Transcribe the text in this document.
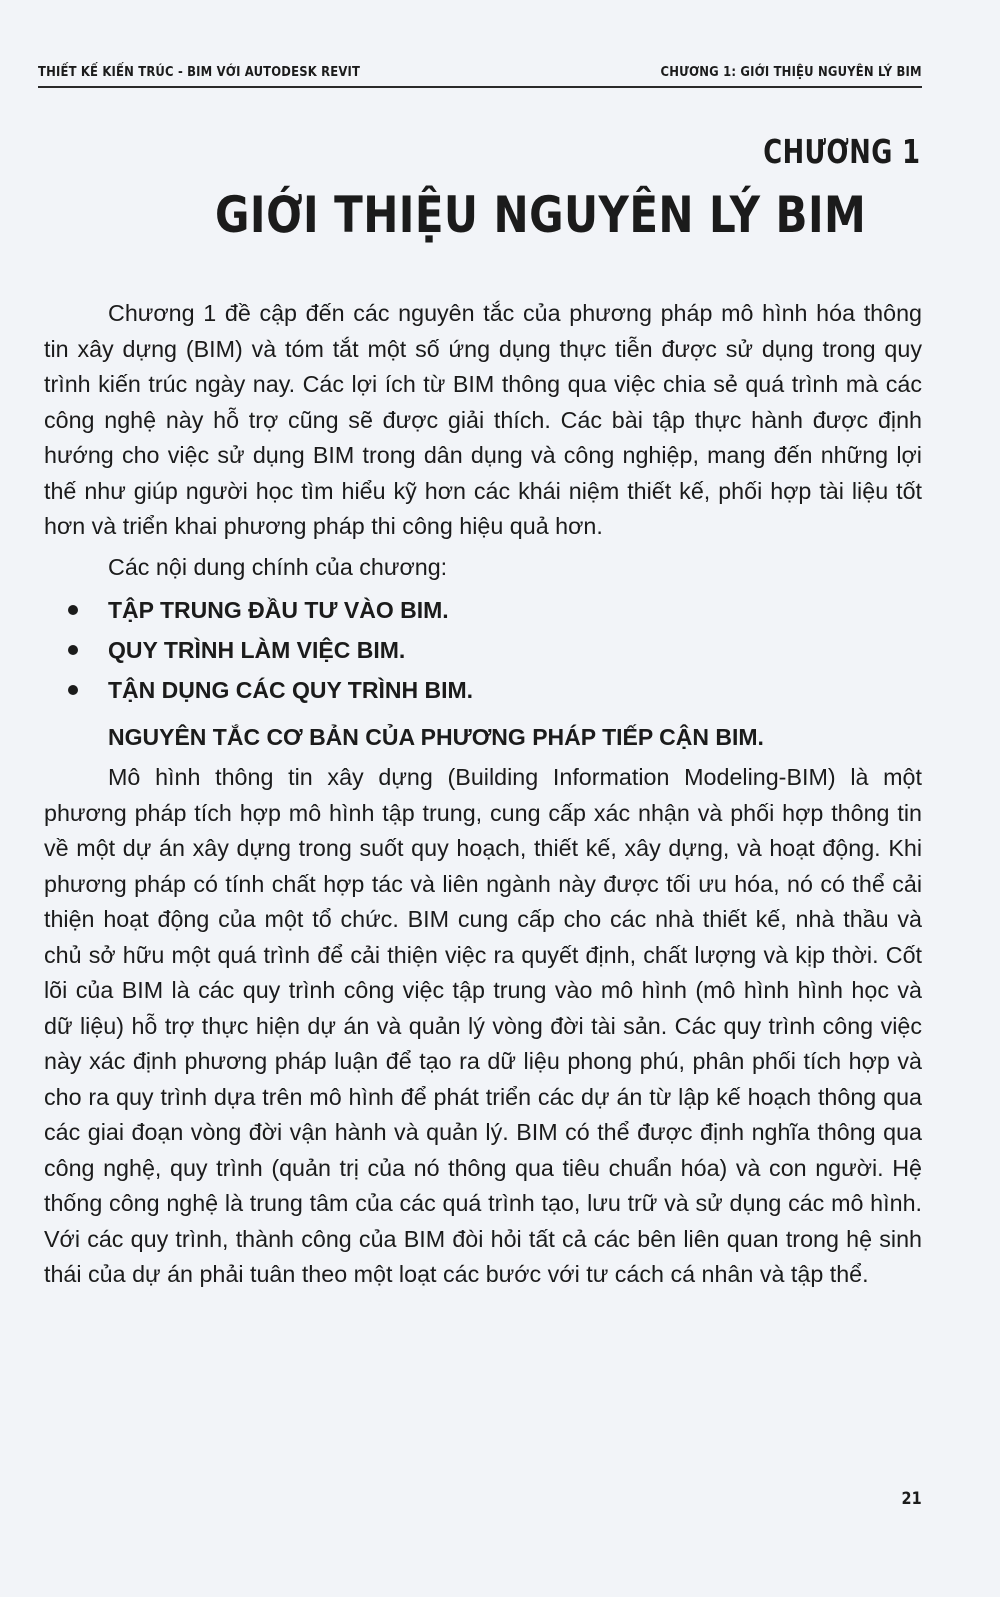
THIẾT KẾ KIẾN TRÚC - BIM VỚI AUTODESK REVIT	CHƯƠNG 1: GIỚI THIỆU NGUYÊN LÝ BIM
CHƯƠNG 1
GIỚI THIỆU NGUYÊN LÝ BIM

Chương 1 đề cập đến các nguyên tắc của phương pháp mô hình hóa thông tin xây dựng (BIM) và tóm tắt một số ứng dụng thực tiễn được sử dụng trong quy trình kiến trúc ngày nay. Các lợi ích từ BIM thông qua việc chia sẻ quá trình mà các công nghệ này hỗ trợ cũng sẽ được giải thích. Các bài tập thực hành được định hướng cho việc sử dụng BIM trong dân dụng và công nghiệp, mang đến những lợi thế như giúp người học tìm hiểu kỹ hơn các khái niệm thiết kế, phối hợp tài liệu tốt hơn và triển khai phương pháp thi công hiệu quả hơn.

Các nội dung chính của chương:

TẬP TRUNG ĐẦU TƯ VÀO BIM.
QUY TRÌNH LÀM VIỆC BIM.
TẬN DỤNG CÁC QUY TRÌNH BIM.
NGUYÊN TẮC CƠ BẢN CỦA PHƯƠNG PHÁP TIẾP CẬN BIM.

Mô hình thông tin xây dựng (Building Information Modeling-BIM) là một phương pháp tích hợp mô hình tập trung, cung cấp xác nhận và phối hợp thông tin về một dự án xây dựng trong suốt quy hoạch, thiết kế, xây dựng, và hoạt động. Khi phương pháp có tính chất hợp tác và liên ngành này được tối ưu hóa, nó có thể cải thiện hoạt động của một tổ chức. BIM cung cấp cho các nhà thiết kế, nhà thầu và chủ sở hữu một quá trình để cải thiện việc ra quyết định, chất lượng và kịp thời. Cốt lõi của BIM là các quy trình công việc tập trung vào mô hình (mô hình hình học và dữ liệu) hỗ trợ thực hiện dự án và quản lý vòng đời tài sản. Các quy trình công việc này xác định phương pháp luận để tạo ra dữ liệu phong phú, phân phối tích hợp và cho ra quy trình dựa trên mô hình để phát triển các dự án từ lập kế hoạch thông qua các giai đoạn vòng đời vận hành và quản lý. BIM có thể được định nghĩa thông qua công nghệ, quy trình (quản trị của nó thông qua tiêu chuẩn hóa) và con người. Hệ thống công nghệ là trung tâm của các quá trình tạo, lưu trữ và sử dụng các mô hình. Với các quy trình, thành công của BIM đòi hỏi tất cả các bên liên quan trong hệ sinh thái của dự án phải tuân theo một loạt các bước với tư cách cá nhân và tập thể.

21
